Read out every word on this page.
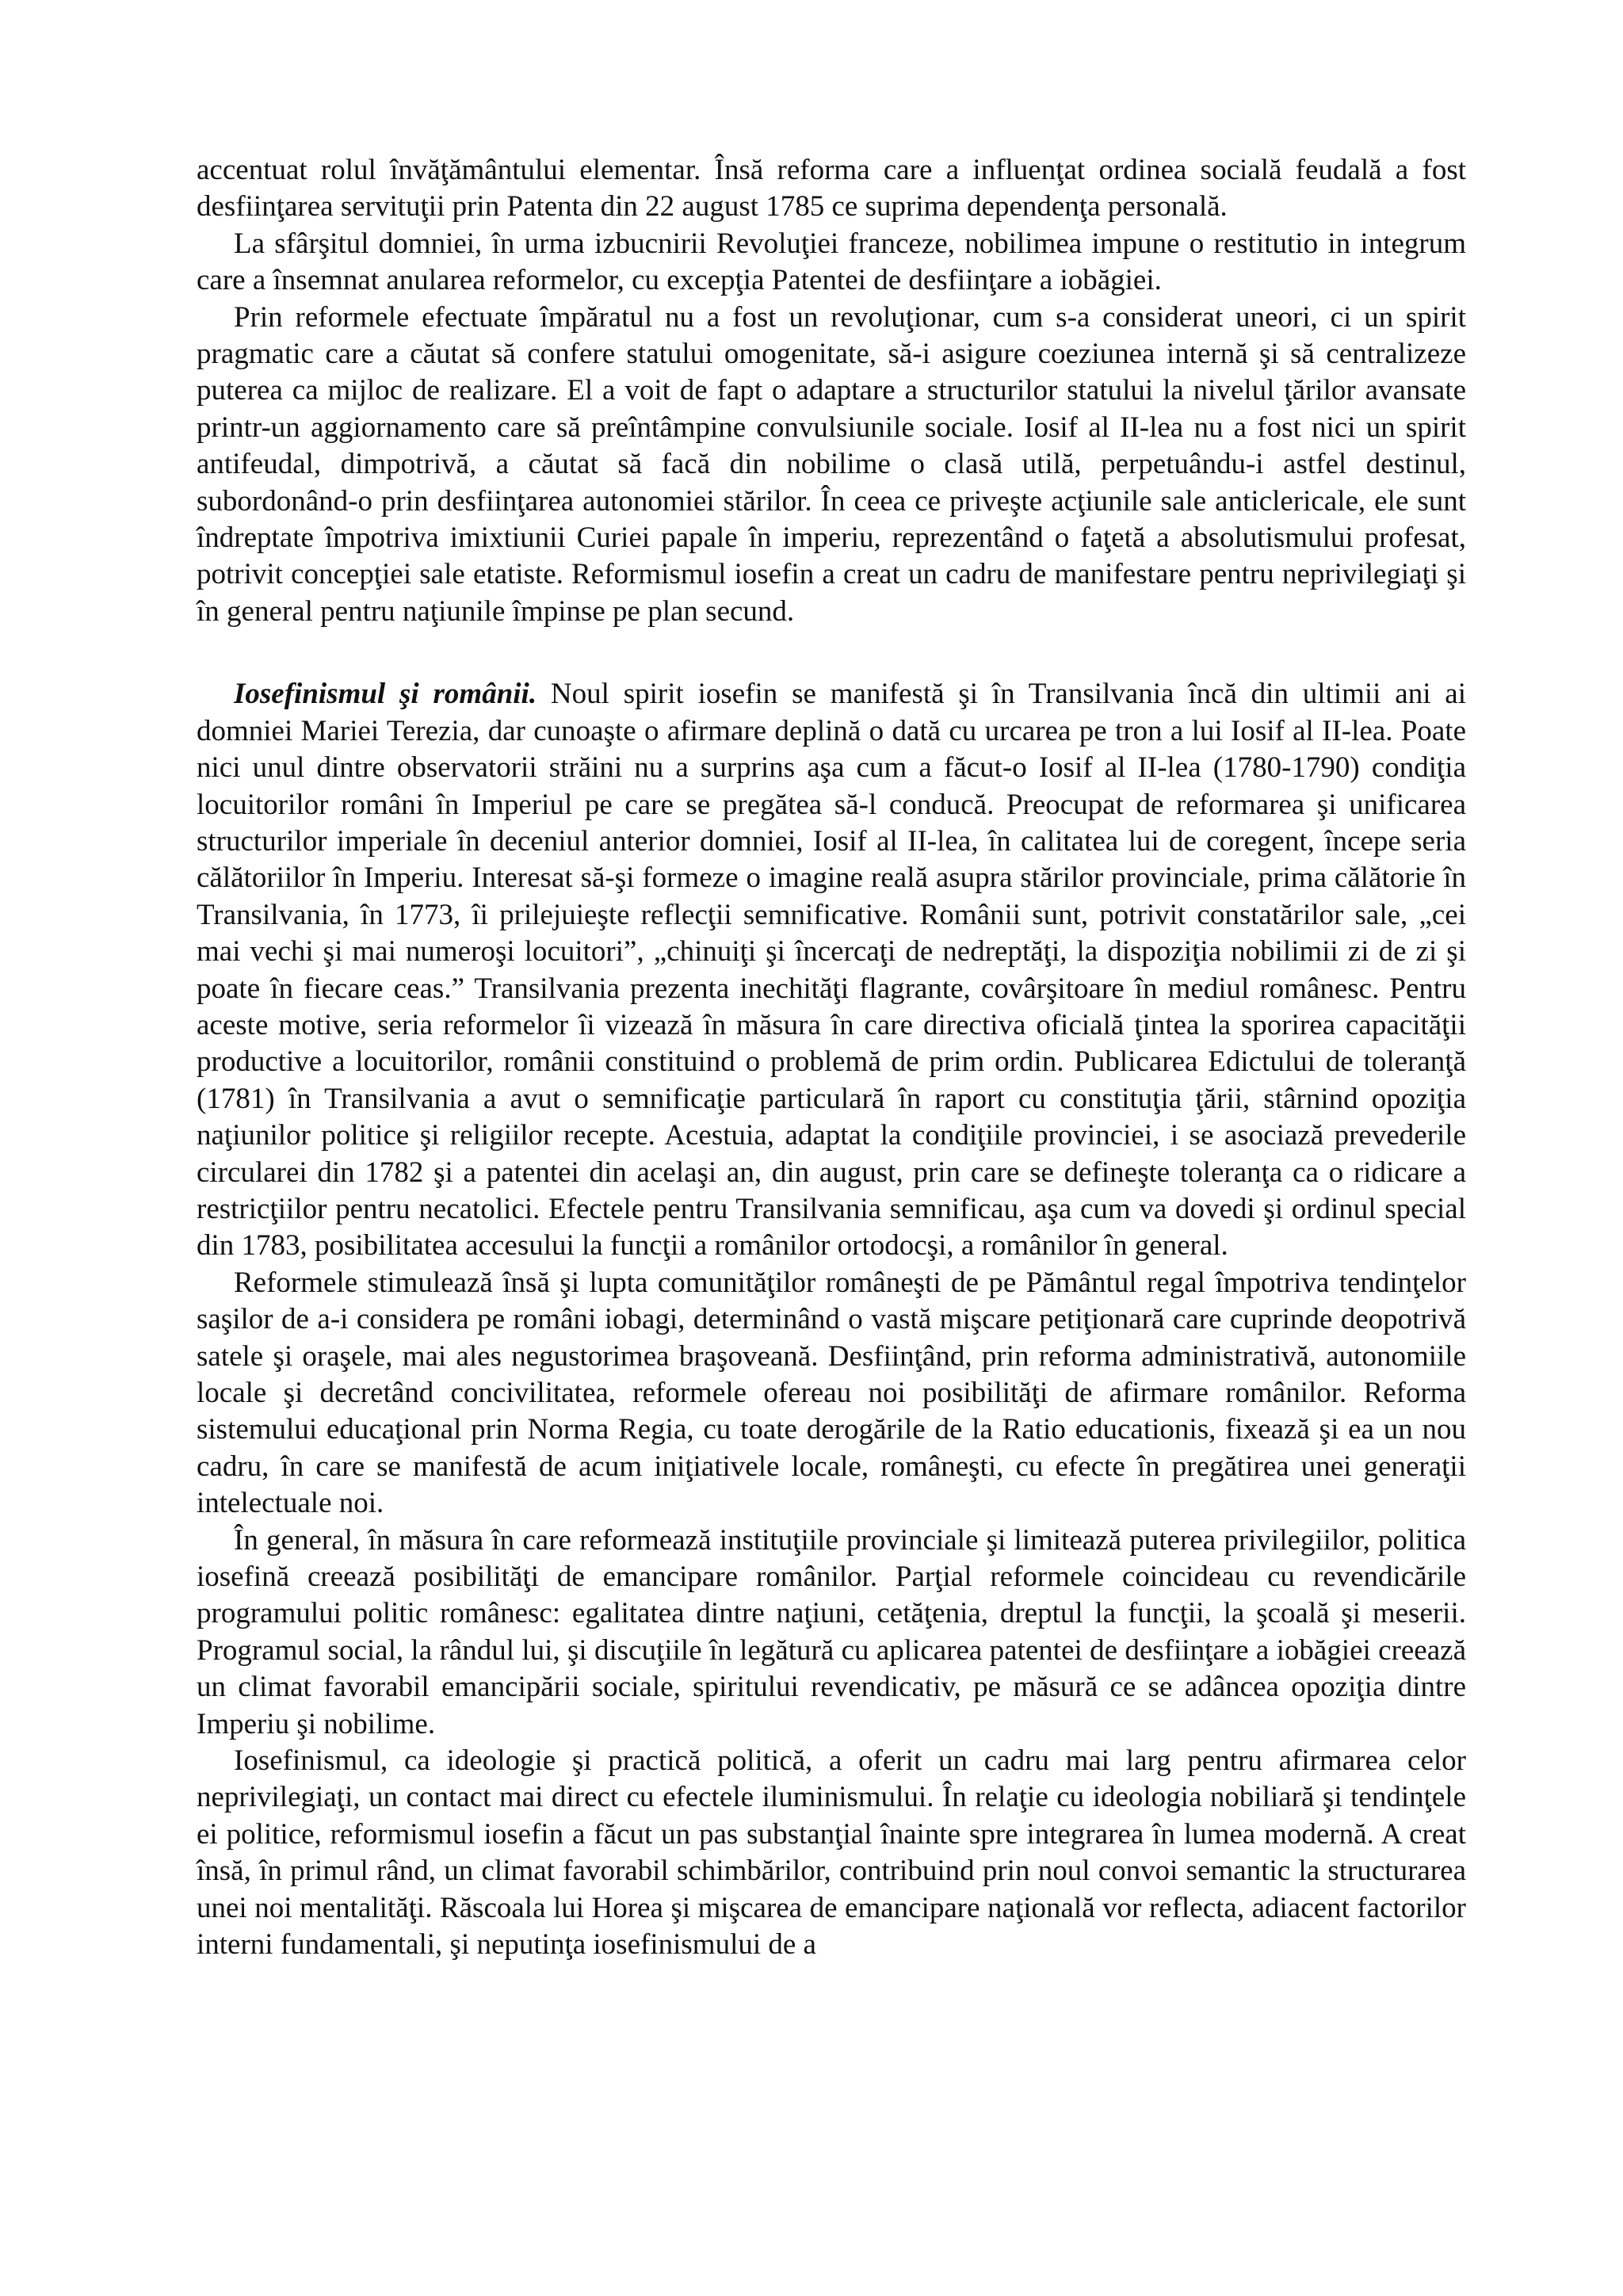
accentuat rolul învăţământului elementar. Însă reforma care a influenţat ordinea socială feudală a fost desfiinţarea servituţii prin Patenta din 22 august 1785 ce suprima dependenţa personală.

La sfârşitul domniei, în urma izbucnirii Revoluţiei franceze, nobilimea impune o restitutio in integrum care a însemnat anularea reformelor, cu excepţia Patentei de desfiinţare a iobăgiei.

Prin reformele efectuate împăratul nu a fost un revoluţionar, cum s-a considerat uneori, ci un spirit pragmatic care a căutat să confere statului omogenitate, să-i asigure coeziunea internă şi să centralizeze puterea ca mijloc de realizare. El a voit de fapt o adaptare a structurilor statului la nivelul ţărilor avansate printr-un aggiornamento care să preîntâmpine convulsiunile sociale. Iosif al II-lea nu a fost nici un spirit antifeudal, dimpotrivă, a căutat să facă din nobilime o clasă utilă, perpetuându-i astfel destinul, subordonând-o prin desfiinţarea autonomiei stărilor. În ceea ce priveşte acţiunile sale anticlericale, ele sunt îndreptate împotriva imixtiunii Curiei papale în imperiu, reprezentând o faţetă a absolutismului profesat, potrivit concepţiei sale etatiste. Reformismul iosefin a creat un cadru de manifestare pentru neprivilegiaţi şi în general pentru naţiunile împinse pe plan secund.

Iosefinismul şi românii. Noul spirit iosefin se manifestă şi în Transilvania încă din ultimii ani ai domniei Mariei Terezia, dar cunoaşte o afirmare deplină o dată cu urcarea pe tron a lui Iosif al II-lea. Poate nici unul dintre observatorii străini nu a surprins aşa cum a făcut-o Iosif al II-lea (1780-1790) condiţia locuitorilor români în Imperiul pe care se pregătea să-l conducă. Preocupat de reformarea şi unificarea structurilor imperiale în deceniul anterior domniei, Iosif al II-lea, în calitatea lui de coregent, începe seria călătoriilor în Imperiu. Interesat să-şi formeze o imagine reală asupra stărilor provinciale, prima călătorie în Transilvania, în 1773, îi prilejuieşte reflecţii semnificative. Românii sunt, potrivit constatărilor sale, „cei mai vechi şi mai numeroşi locuitori”, „chinuiţi şi încercaţi de nedreptăţi, la dispoziţia nobilimii zi de zi şi poate în fiecare ceas.” Transilvania prezenta inechităţi flagrante, covârşitoare în mediul românesc. Pentru aceste motive, seria reformelor îi vizează în măsura în care directiva oficială ţintea la sporirea capacităţii productive a locuitorilor, românii constituind o problemă de prim ordin. Publicarea Edictului de toleranţă (1781) în Transilvania a avut o semnificaţie particulară în raport cu constituţia ţării, stârnind opoziţia naţiunilor politice şi religiilor recepte. Acestuia, adaptat la condiţiile provinciei, i se asociază prevederile circularei din 1782 şi a patentei din acelaşi an, din august, prin care se defineşte toleranţa ca o ridicare a restricţiilor pentru necatolici. Efectele pentru Transilvania semnificau, aşa cum va dovedi şi ordinul special din 1783, posibilitatea accesului la funcţii a românilor ortodocşi, a românilor în general.

Reformele stimulează însă şi lupta comunităţilor româneşti de pe Pământul regal împotriva tendinţelor saşilor de a-i considera pe români iobagi, determinând o vastă mişcare petiţionară care cuprinde deopotrivă satele şi oraşele, mai ales negustorimea braşoveană. Desfiinţând, prin reforma administrativă, autonomiile locale şi decretând concivilitatea, reformele ofereau noi posibilităţi de afirmare românilor. Reforma sistemului educaţional prin Norma Regia, cu toate derogările de la Ratio educationis, fixează şi ea un nou cadru, în care se manifestă de acum iniţiativele locale, româneşti, cu efecte în pregătirea unei generaţii intelectuale noi.

În general, în măsura în care reformează instituţiile provinciale şi limitează puterea privilegiilor, politica iosefină creează posibilităţi de emancipare românilor. Parţial reformele coincideau cu revendicările programului politic românesc: egalitatea dintre naţiuni, cetăţenia, dreptul la funcţii, la şcoală şi meserii. Programul social, la rândul lui, şi discuţiile în legătură cu aplicarea patentei de desfiinţare a iobăgiei creează un climat favorabil emancipării sociale, spiritului revendicativ, pe măsură ce se adâncea opoziţia dintre Imperiu şi nobilime.

Iosefinismul, ca ideologie şi practică politică, a oferit un cadru mai larg pentru afirmarea celor neprivilegiaţi, un contact mai direct cu efectele iluminismului. În relaţie cu ideologia nobiliară şi tendinţele ei politice, reformismul iosefin a făcut un pas substanţial înainte spre integrarea în lumea modernă. A creat însă, în primul rând, un climat favorabil schimbărilor, contribuind prin noul convoi semantic la structurarea unei noi mentalităţi. Răscoala lui Horea şi mişcarea de emancipare naţională vor reflecta, adiacent factorilor interni fundamentali, şi neputinţa iosefinismului de a
